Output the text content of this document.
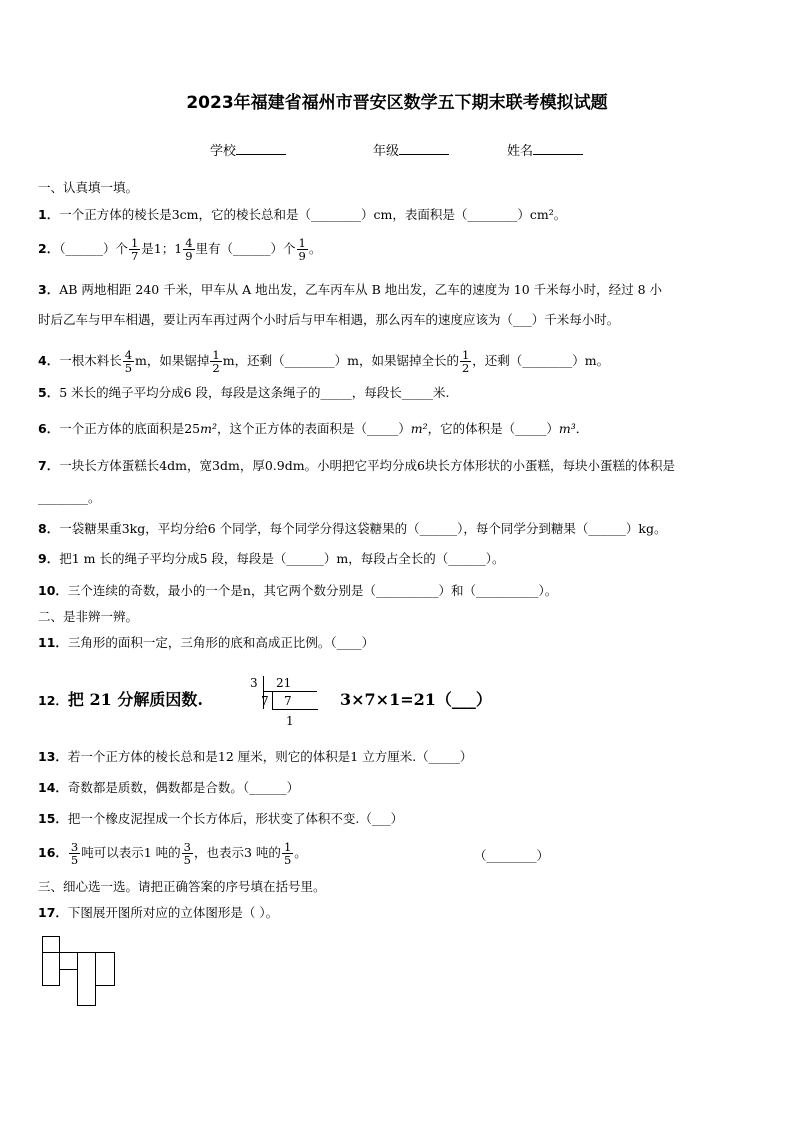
2023年福建省福州市晋安区数学五下期末联考模拟试题
学校	年级	姓名
一、认真填一填。
1．一个正方体的棱长是3cm，它的棱长总和是（________）cm，表面积是（________）cm²。
2．（______）个 $\frac{1}{7}$ 是1；$1 \frac{4}{9}$ 里有（______）个 $\frac{1}{9}$ 。
3．AB 两地相距 240 千米，甲车从 A 地出发，乙车丙车从 B 地出发，乙车的速度为 10 千米每小时，经过 8 小
时后乙车与甲车相遇，要让丙车再过两个小时后与甲车相遇，那么丙车的速度应该为（___）千米每小时。
4．一根木料长 $\frac{4}{5}$ m，如果锯掉 $\frac{1}{2}$ m，还剩（________）m，如果锯掉全长的 $\frac{1}{2}$ ，还剩（________）m。
5．5 米长的绳子平均分成6 段，每段是这条绳子的_____，每段长_____米.
6．一个正方体的底面积是25m²，这个正方体的表面积是（_____）m²，它的体积是（_____）m³．
7．一块长方体蛋糕长4dm，宽3dm，厚0.9dm。小明把它平均分成6块长方体形状的小蛋糕，每块小蛋糕的体积是
________。
8．一袋糖果重3kg，平均分给6 个同学，每个同学分得这袋糖果的（______），每个同学分到糖果（______）kg。
9．把1 m 长的绳子平均分成5 段，每段是（______）m，每段占全长的（______）。
10．三个连续的奇数，最小的一个是n，其它两个数分别是（__________）和（__________）。
二、是非辨一辨。
11．三角形的面积一定，三角形的底和高成正比例。（____）
12．把 21 分解质因数.
3 21
7 7
1
3×7×1=21（___）
13．若一个正方体的棱长总和是12 厘米，则它的体积是1 立方厘米.（_____）
14．奇数都是质数，偶数都是合数。（______）
15．把一个橡皮泥捏成一个长方体后，形状变了体积不变.（___）
16． $\frac{3}{5}$ 吨可以表示1 吨的 $\frac{3}{5}$ ，也表示3 吨的 $\frac{1}{5}$ 。	（________）
三、细心选一选。请把正确答案的序号填在括号里。
17．下图展开图所对应的立体图形是（ ）。
